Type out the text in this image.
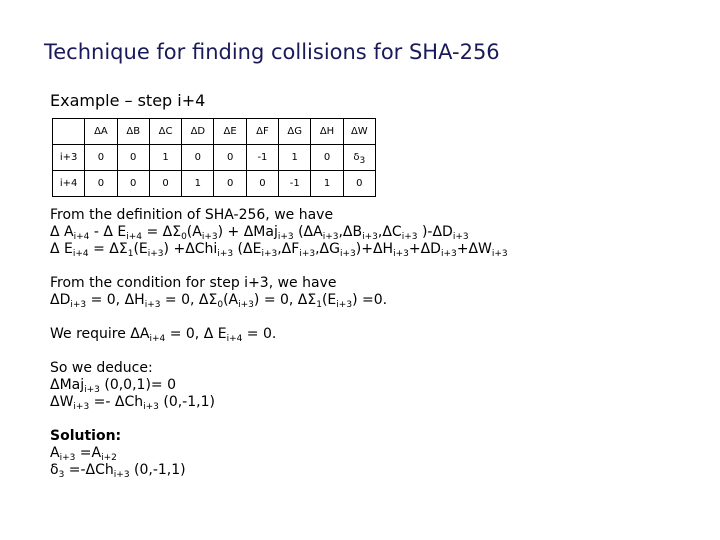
Technique for finding collisions for SHA-256
Example – step i+4
	ΔA	ΔB	ΔC	ΔD	ΔE	ΔF	ΔG	ΔH	ΔW
i+3	0	0	1	0	0	-1	1	0	$\delta_3$
i+4	0	0	0	1	0	0	-1	1	0
From the definition of SHA-256, we have
Δ $A_{i+4}$ - Δ $E_{i+4} = \Delta\Sigma_0(A_{i+3}) + \Delta Maj_{i+3}$ ($\Delta A_{i+3},\Delta B_{i+3},\Delta C_{i+3}$ )$-\Delta D_{i+3}$
Δ $E_{i+4} = \Delta\Sigma_1(E_{i+3}) +\Delta Chi_{i+3}$ $(\Delta E_{i+3},\Delta F_{i+3},\Delta G_{i+3})+\Delta H_{i+3}+\Delta D_{i+3}+\Delta W_{i+3}$
From the condition for step i+3, we have
$\Delta D_{i+3} = 0$, $\Delta H_{i+3} = 0$, $\Delta\Sigma_0(A_{i+3}) = 0$, $\Delta\Sigma_1(E_{i+3}) =0$.
We require $\Delta A_{i+4} = 0$, Δ $E_{i+4} = 0$.
So we deduce:
ΔMaj$_{i+3}$ (0,0,1)= 0
$\Delta W_{i+3} =- \Delta Ch_{i+3}$ (0,-1,1)
Solution:
$A_{i+3} =A_{i+2}$
$\delta_3 =-\Delta Ch_{i+3}$ (0,-1,1)
